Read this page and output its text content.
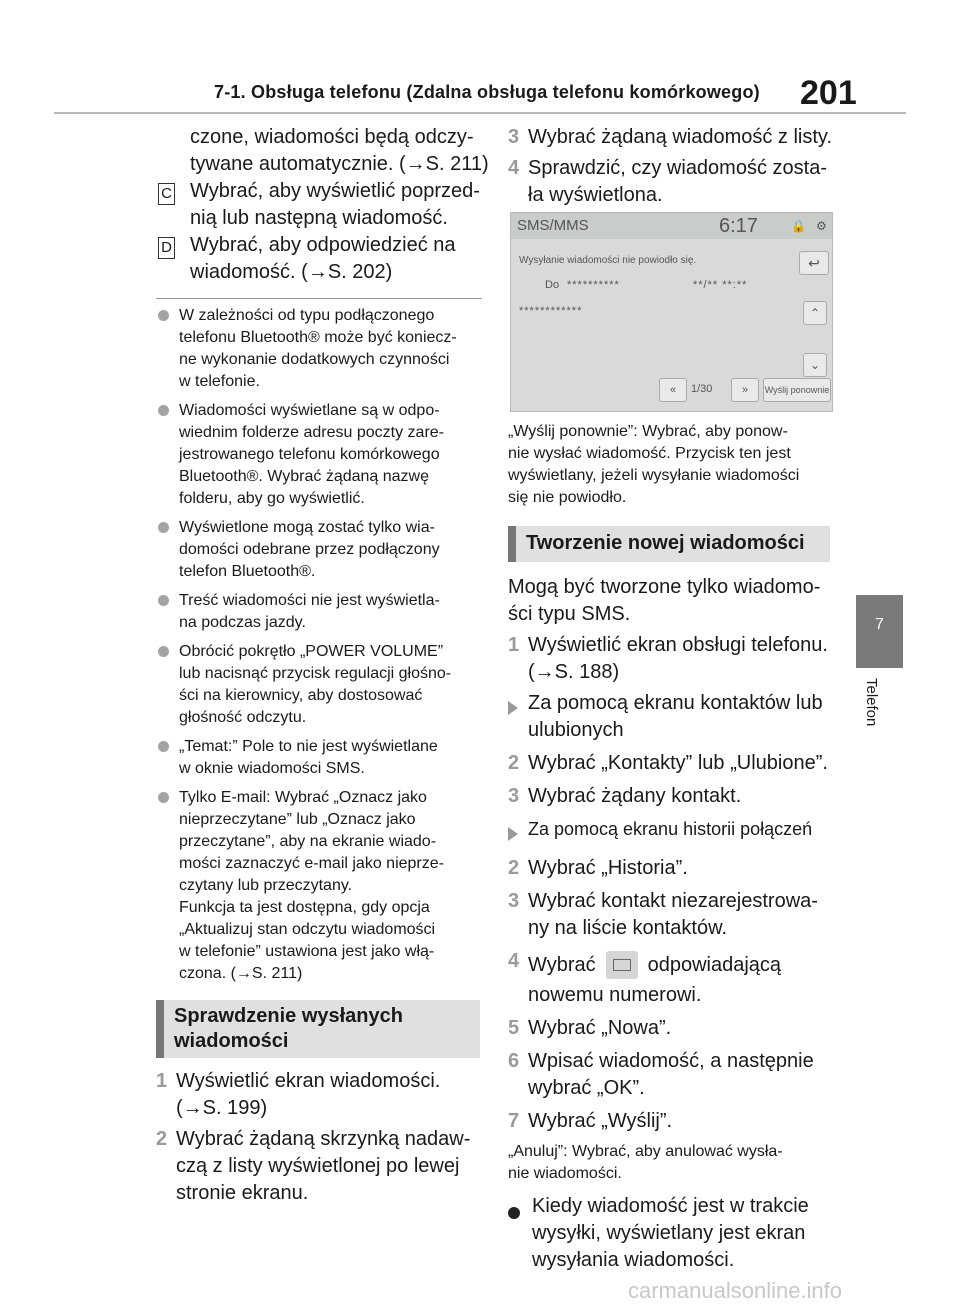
7-1. Obsługa telefonu (Zdalna obsługa telefonu komórkowego) 201
7
Telefon
czone, wiadomości będą odczy-
tywane automatycznie. (→S. 211)
C Wybrać, aby wyświetlić poprzed-
nią lub następną wiadomość.
D Wybrać, aby odpowiedzieć na
wiadomość. (→S. 202)
W zależności od typu podłączonego
telefonu Bluetooth® może być koniecz-
ne wykonanie dodatkowych czynności
w telefonie.
Wiadomości wyświetlane są w odpo-
wiednim folderze adresu poczty zare-
jestrowanego telefonu komórkowego
Bluetooth®. Wybrać żądaną nazwę
folderu, aby go wyświetlić.
Wyświetlone mogą zostać tylko wia-
domości odebrane przez podłączony
telefon Bluetooth®.
Treść wiadomości nie jest wyświetla-
na podczas jazdy.
Obrócić pokrętło „POWER VOLUME”
lub nacisnąć przycisk regulacji głośno-
ści na kierownicy, aby dostosować
głośność odczytu.
„Temat:” Pole to nie jest wyświetlane
w oknie wiadomości SMS.
Tylko E-mail: Wybrać „Oznacz jako
nieprzeczytane” lub „Oznacz jako
przeczytane”, aby na ekranie wiado-
mości zaznaczyć e-mail jako nieprze-
czytany lub przeczytany.
Funkcja ta jest dostępna, gdy opcja
„Aktualizuj stan odczytu wiadomości
w telefonie” ustawiona jest jako włą-
czona. (→S. 211)
Sprawdzenie wysłanych
wiadomości
1 Wyświetlić ekran wiadomości.
(→S. 199)
2 Wybrać żądaną skrzynką nadaw-
czą z listy wyświetlonej po lewej
stronie ekranu.
3 Wybrać żądaną wiadomość z listy.
4 Sprawdzić, czy wiadomość zosta-
ła wyświetlona.
SMS/MMS	6:17	🔒 ⚙
↩
Wysyłanie wiadomości nie powiodło się.
Do **********	**/** **:**
************	⌃
⌄
«	1/30	»	Wyślij ponownie
„Wyślij ponownie”: Wybrać, aby ponow-
nie wysłać wiadomość. Przycisk ten jest
wyświetlany, jeżeli wysyłanie wiadomości
się nie powiodło.
Tworzenie nowej wiadomości
Mogą być tworzone tylko wiadomo-
ści typu SMS.
1 Wyświetlić ekran obsługi telefonu.
(→S. 188)
Za pomocą ekranu kontaktów lub
ulubionych
2 Wybrać „Kontakty” lub „Ulubione”.
3 Wybrać żądany kontakt.
Za pomocą ekranu historii połączeń
2 Wybrać „Historia”.
3 Wybrać kontakt niezarejestrowa-
ny na liście kontaktów.
4 Wybrać	odpowiadającą
nowemu numerowi.
5 Wybrać „Nowa”.
6 Wpisać wiadomość, a następnie
wybrać „OK”.
7 Wybrać „Wyślij”.
„Anuluj”: Wybrać, aby anulować wysła-
nie wiadomości.
Kiedy wiadomość jest w trakcie
wysyłki, wyświetlany jest ekran
wysyłania wiadomości.
carmanualsonline.info
